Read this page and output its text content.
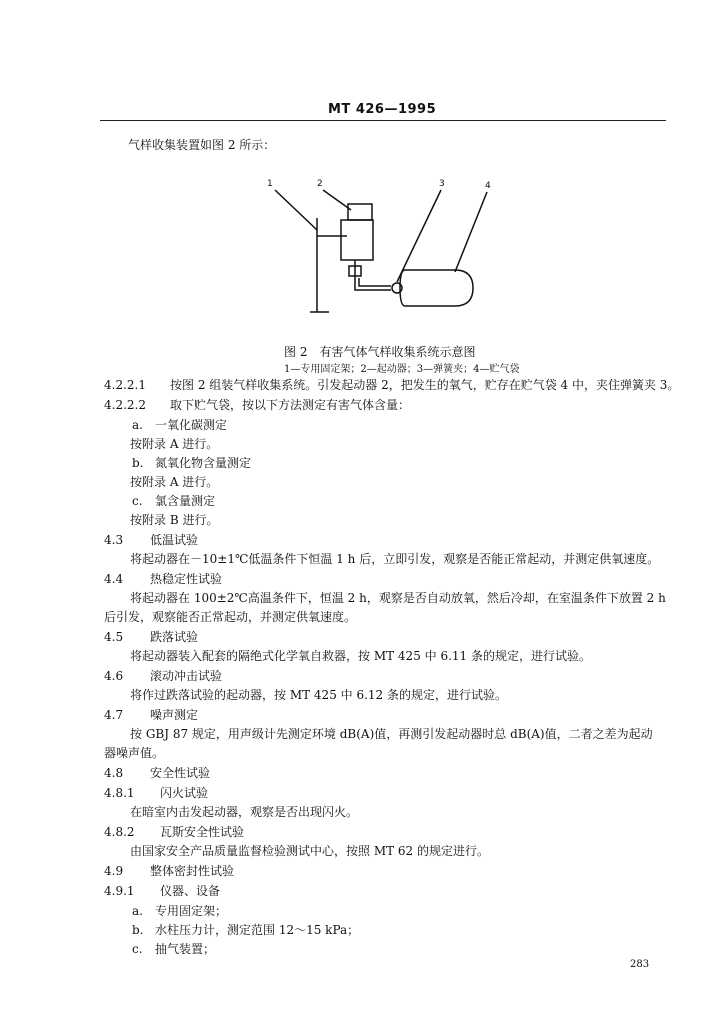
MT 426—1995
气样收集装置如图 2 所示：
1	2	3	4
图 2　有害气体气样收集系统示意图
1—专用固定架；2—起动器；3—弹簧夹；4—贮气袋
4.2.2.1 按图 2 组装气样收集系统。引发起动器 2，把发生的氧气，贮存在贮气袋 4 中，夹住弹簧夹 3。
4.2.2.2 取下贮气袋，按以下方法测定有害气体含量：
a. 一氧化碳测定
按附录 A 进行。
b. 氮氧化物含量测定
按附录 A 进行。
c. 氯含量测定
按附录 B 进行。
4.3 低温试验
将起动器在－10±1℃低温条件下恒温 1 h 后，立即引发，观察是否能正常起动，并测定供氧速度。
4.4 热稳定性试验
将起动器在 100±2℃高温条件下，恒温 2 h，观察是否自动放氧，然后冷却，在室温条件下放置 2 h
后引发，观察能否正常起动，并测定供氧速度。
4.5 跌落试验
将起动器装入配套的隔绝式化学氧自救器，按 MT 425 中 6.11 条的规定，进行试验。
4.6 滚动冲击试验
将作过跌落试验的起动器，按 MT 425 中 6.12 条的规定，进行试验。
4.7 噪声测定
按 GBJ 87 规定，用声级计先测定环境 dB(A)值，再测引发起动器时总 dB(A)值，二者之差为起动
器噪声值。
4.8 安全性试验
4.8.1 闪火试验
在暗室内击发起动器，观察是否出现闪火。
4.8.2 瓦斯安全性试验
由国家安全产品质量监督检验测试中心，按照 MT 62 的规定进行。
4.9 整体密封性试验
4.9.1 仪器、设备
a. 专用固定架；
b. 水柱压力计，测定范围 12～15 kPa；
c. 抽气装置；
283
